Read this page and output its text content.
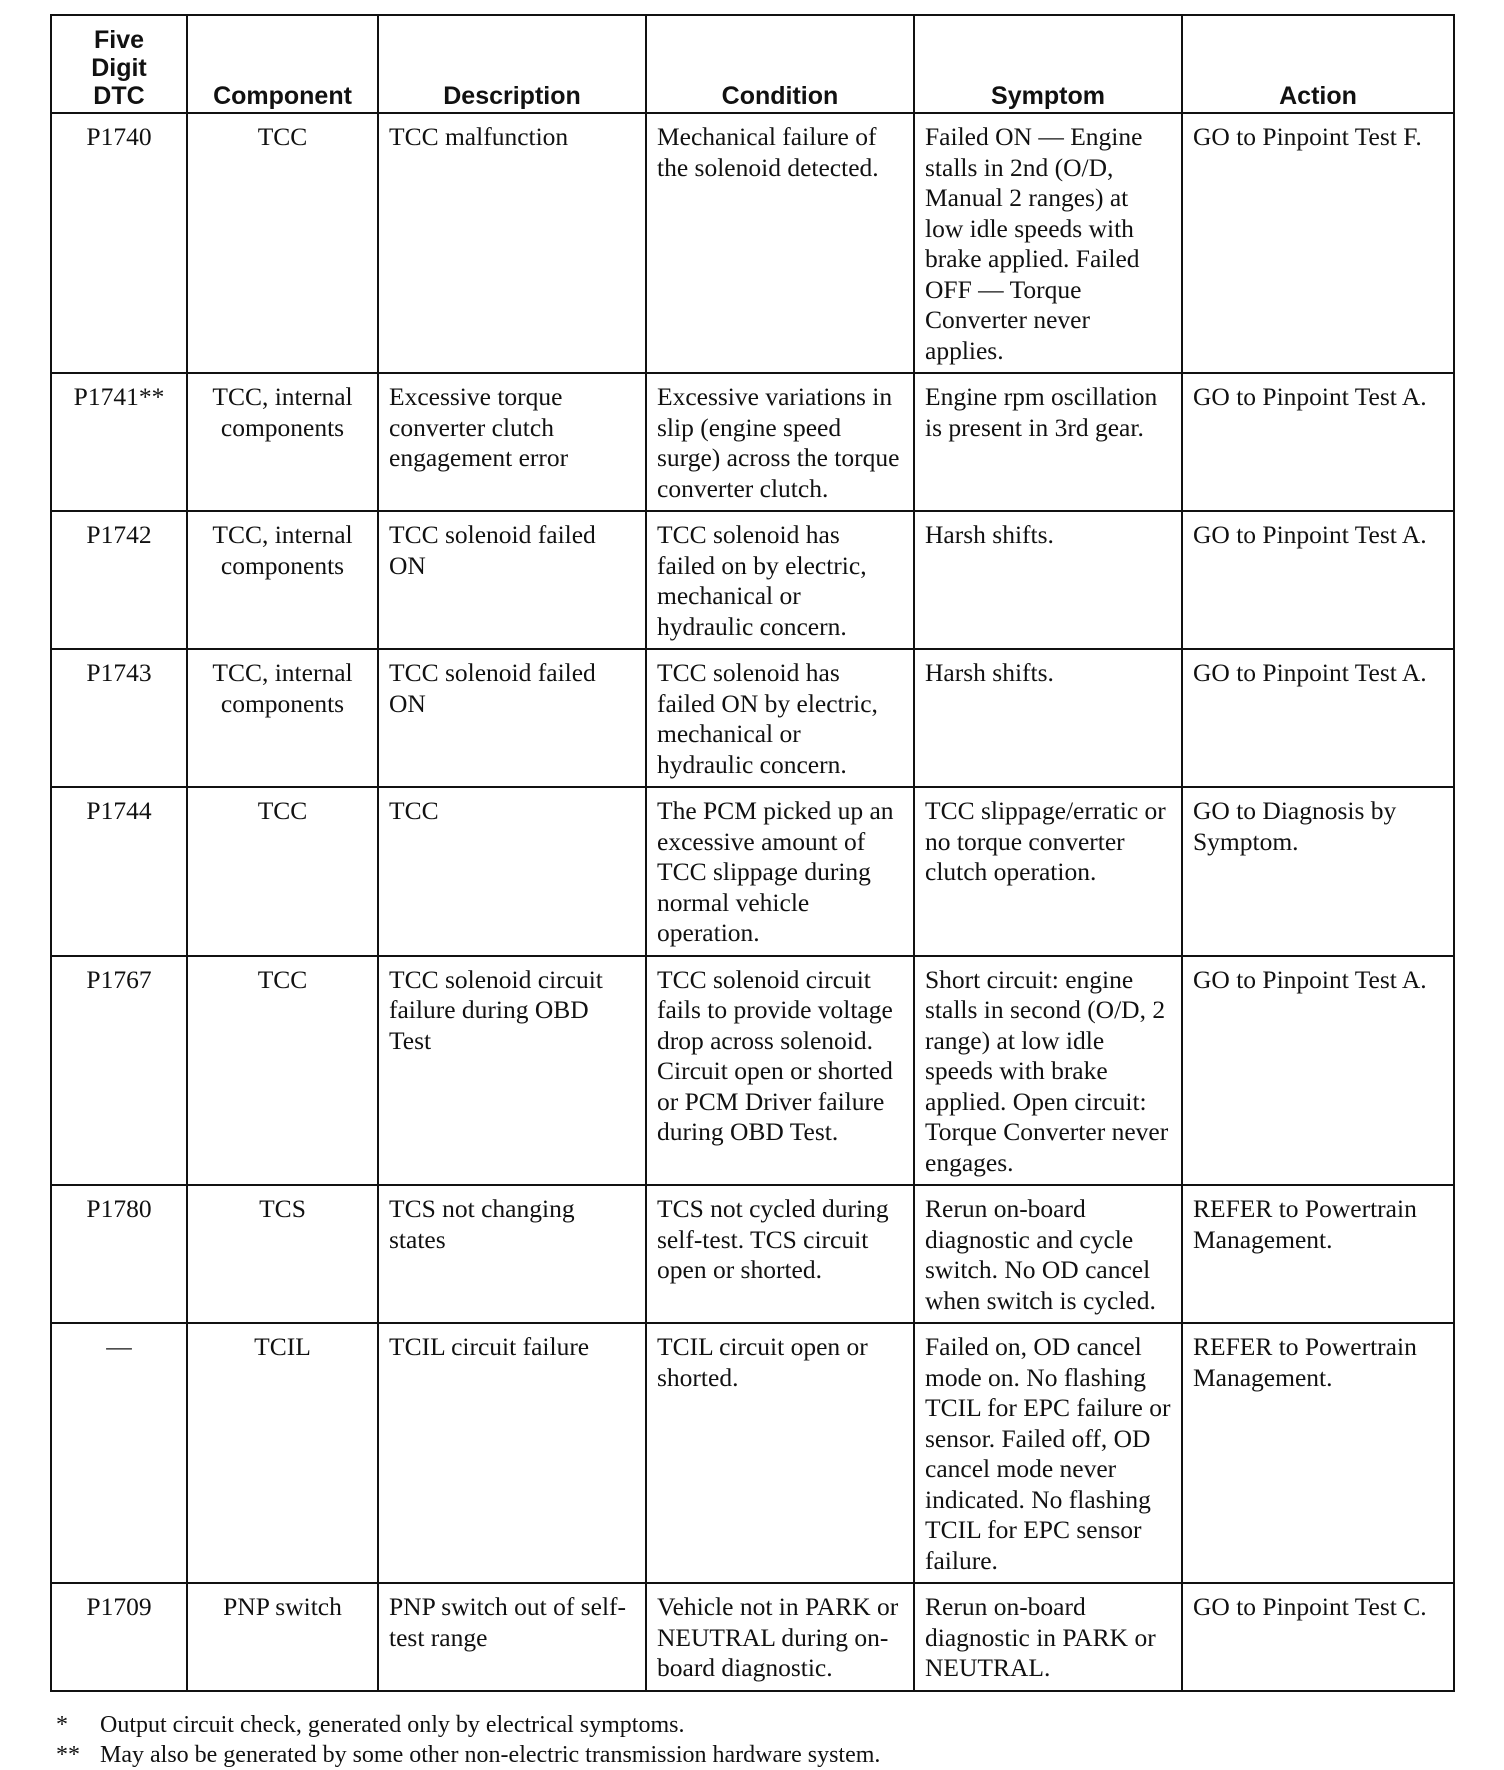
Five
Digit
DTC	Component	Description	Condition	Symptom	Action
P1740	TCC	TCC malfunction	Mechanical failure of the solenoid detected.	Failed ON — Engine stalls in 2nd (O/D, Manual 2 ranges) at low idle speeds with brake applied. Failed OFF — Torque Converter never applies.	GO to Pinpoint Test F.
P1741**	TCC, internal components	Excessive torque converter clutch engagement error	Excessive variations in slip (engine speed surge) across the torque converter clutch.	Engine rpm oscillation is present in 3rd gear.	GO to Pinpoint Test A.
P1742	TCC, internal components	TCC solenoid failed ON	TCC solenoid has failed on by electric, mechanical or hydraulic concern.	Harsh shifts.	GO to Pinpoint Test A.
P1743	TCC, internal components	TCC solenoid failed ON	TCC solenoid has failed ON by electric, mechanical or hydraulic concern.	Harsh shifts.	GO to Pinpoint Test A.
P1744	TCC	TCC	The PCM picked up an excessive amount of TCC slippage during normal vehicle operation.	TCC slippage/erratic or no torque converter clutch operation.	GO to Diagnosis by Symptom.
P1767	TCC	TCC solenoid circuit failure during OBD Test	TCC solenoid circuit fails to provide voltage drop across solenoid. Circuit open or shorted or PCM Driver failure during OBD Test.	Short circuit: engine stalls in second (O/D, 2 range) at low idle speeds with brake applied. Open circuit: Torque Converter never engages.	GO to Pinpoint Test A.
P1780	TCS	TCS not changing states	TCS not cycled during self-test. TCS circuit open or shorted.	Rerun on-board diagnostic and cycle switch. No OD cancel when switch is cycled.	REFER to Powertrain Management.
—	TCIL	TCIL circuit failure	TCIL circuit open or shorted.	Failed on, OD cancel mode on. No flashing TCIL for EPC failure or sensor. Failed off, OD cancel mode never indicated. No flashing TCIL for EPC sensor failure.	REFER to Powertrain Management.
P1709	PNP switch	PNP switch out of self-test range	Vehicle not in PARK or NEUTRAL during on-board diagnostic.	Rerun on-board diagnostic in PARK or NEUTRAL.	GO to Pinpoint Test C.
*	Output circuit check, generated only by electrical symptoms.
** May also be generated by some other non-electric transmission hardware system.
